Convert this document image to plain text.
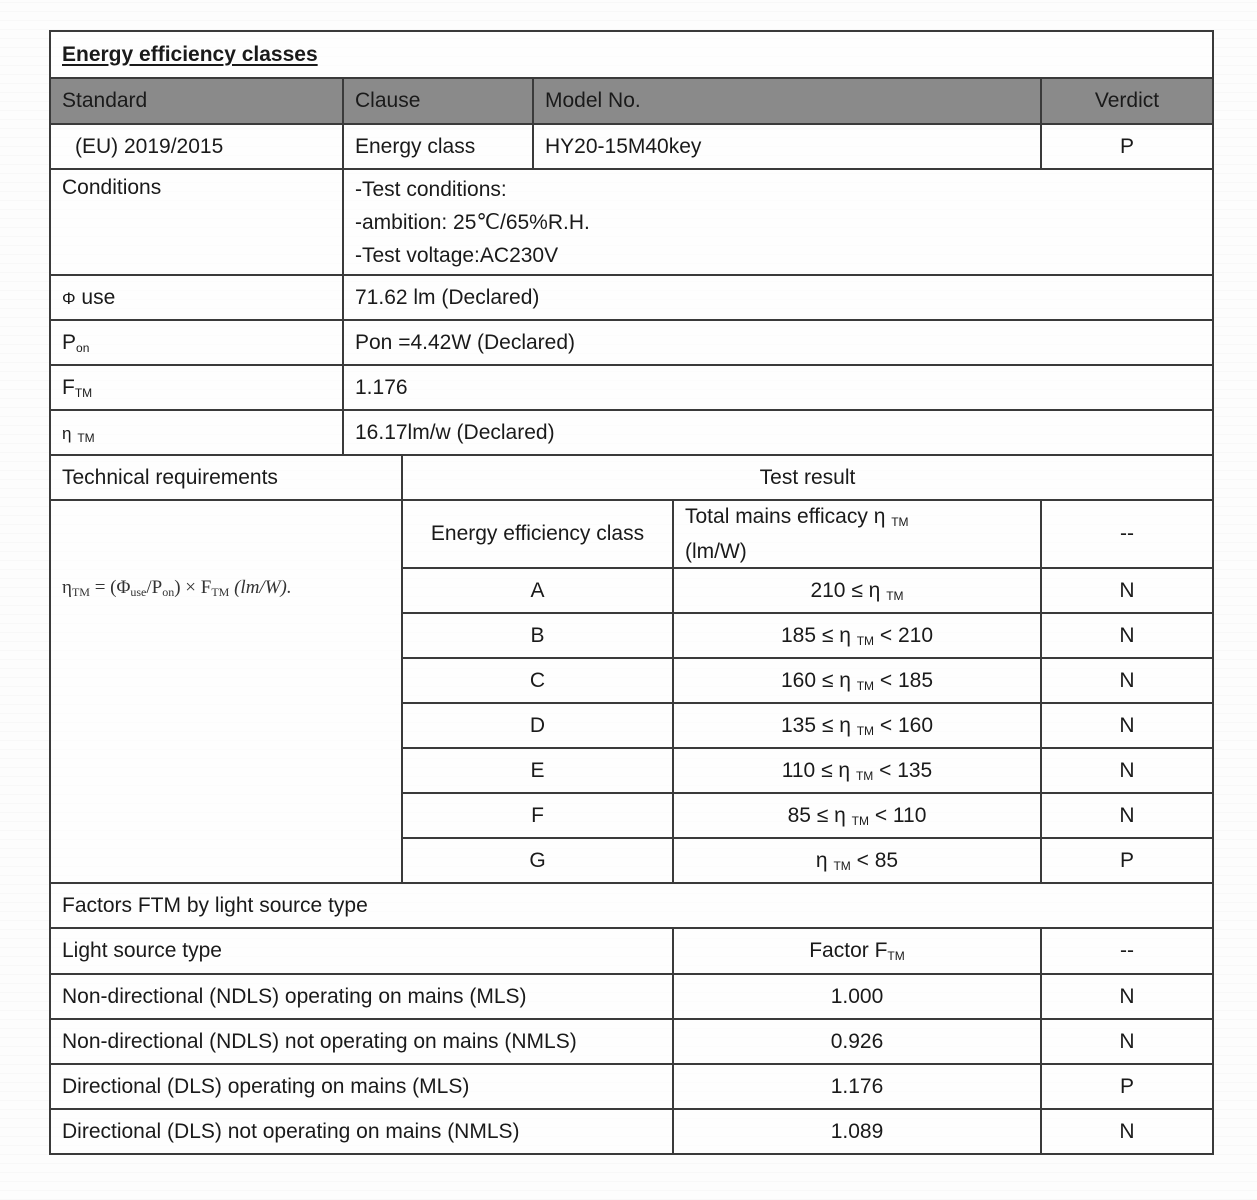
Energy efficiency classes					
Standard	Clause		Model No.		Verdict
(EU) 2019/2015	Energy class		HY20-15M40key		P
Conditions	-Test conditions:
-ambition: 25℃/65%R.H.
-Test voltage:AC230V				

Φ use	71.62 lm (Declared)				
$P_{on}$	Pon =4.42W (Declared)				
$F_{TM}$	1.176				
η $_{TM}$	16.17lm/w (Declared)				
Technical requirements		Test result			

$\eta_{TM} = (\Phi_{use}/P_{on}) \times F_{TM}$ (lm/W).		Energy efficiency class		Total mains efficacy η $_{TM}$
(lm/W)	--
		A		210 ≤ η $_{TM}$	N
		B		185 ≤ η $_{TM}$ < 210	N
		C		160 ≤ η $_{TM}$ < 185	N
		D		135 ≤ η $_{TM}$ < 160	N
		E		110 ≤ η $_{TM}$ < 135	N
		F		85 ≤ η $_{TM}$ < 110	N
		G		η $_{TM}$ < 85	P
Factors FTM by light source type					
Light source type				Factor $F_{TM}$	--
Non-directional (NDLS) operating on mains (MLS)				1.000	N
Non-directional (NDLS) not operating on mains (NMLS)				0.926	N
Directional (DLS) operating on mains (MLS)				1.176	P
Directional (DLS) not operating on mains (NMLS)				1.089	N
